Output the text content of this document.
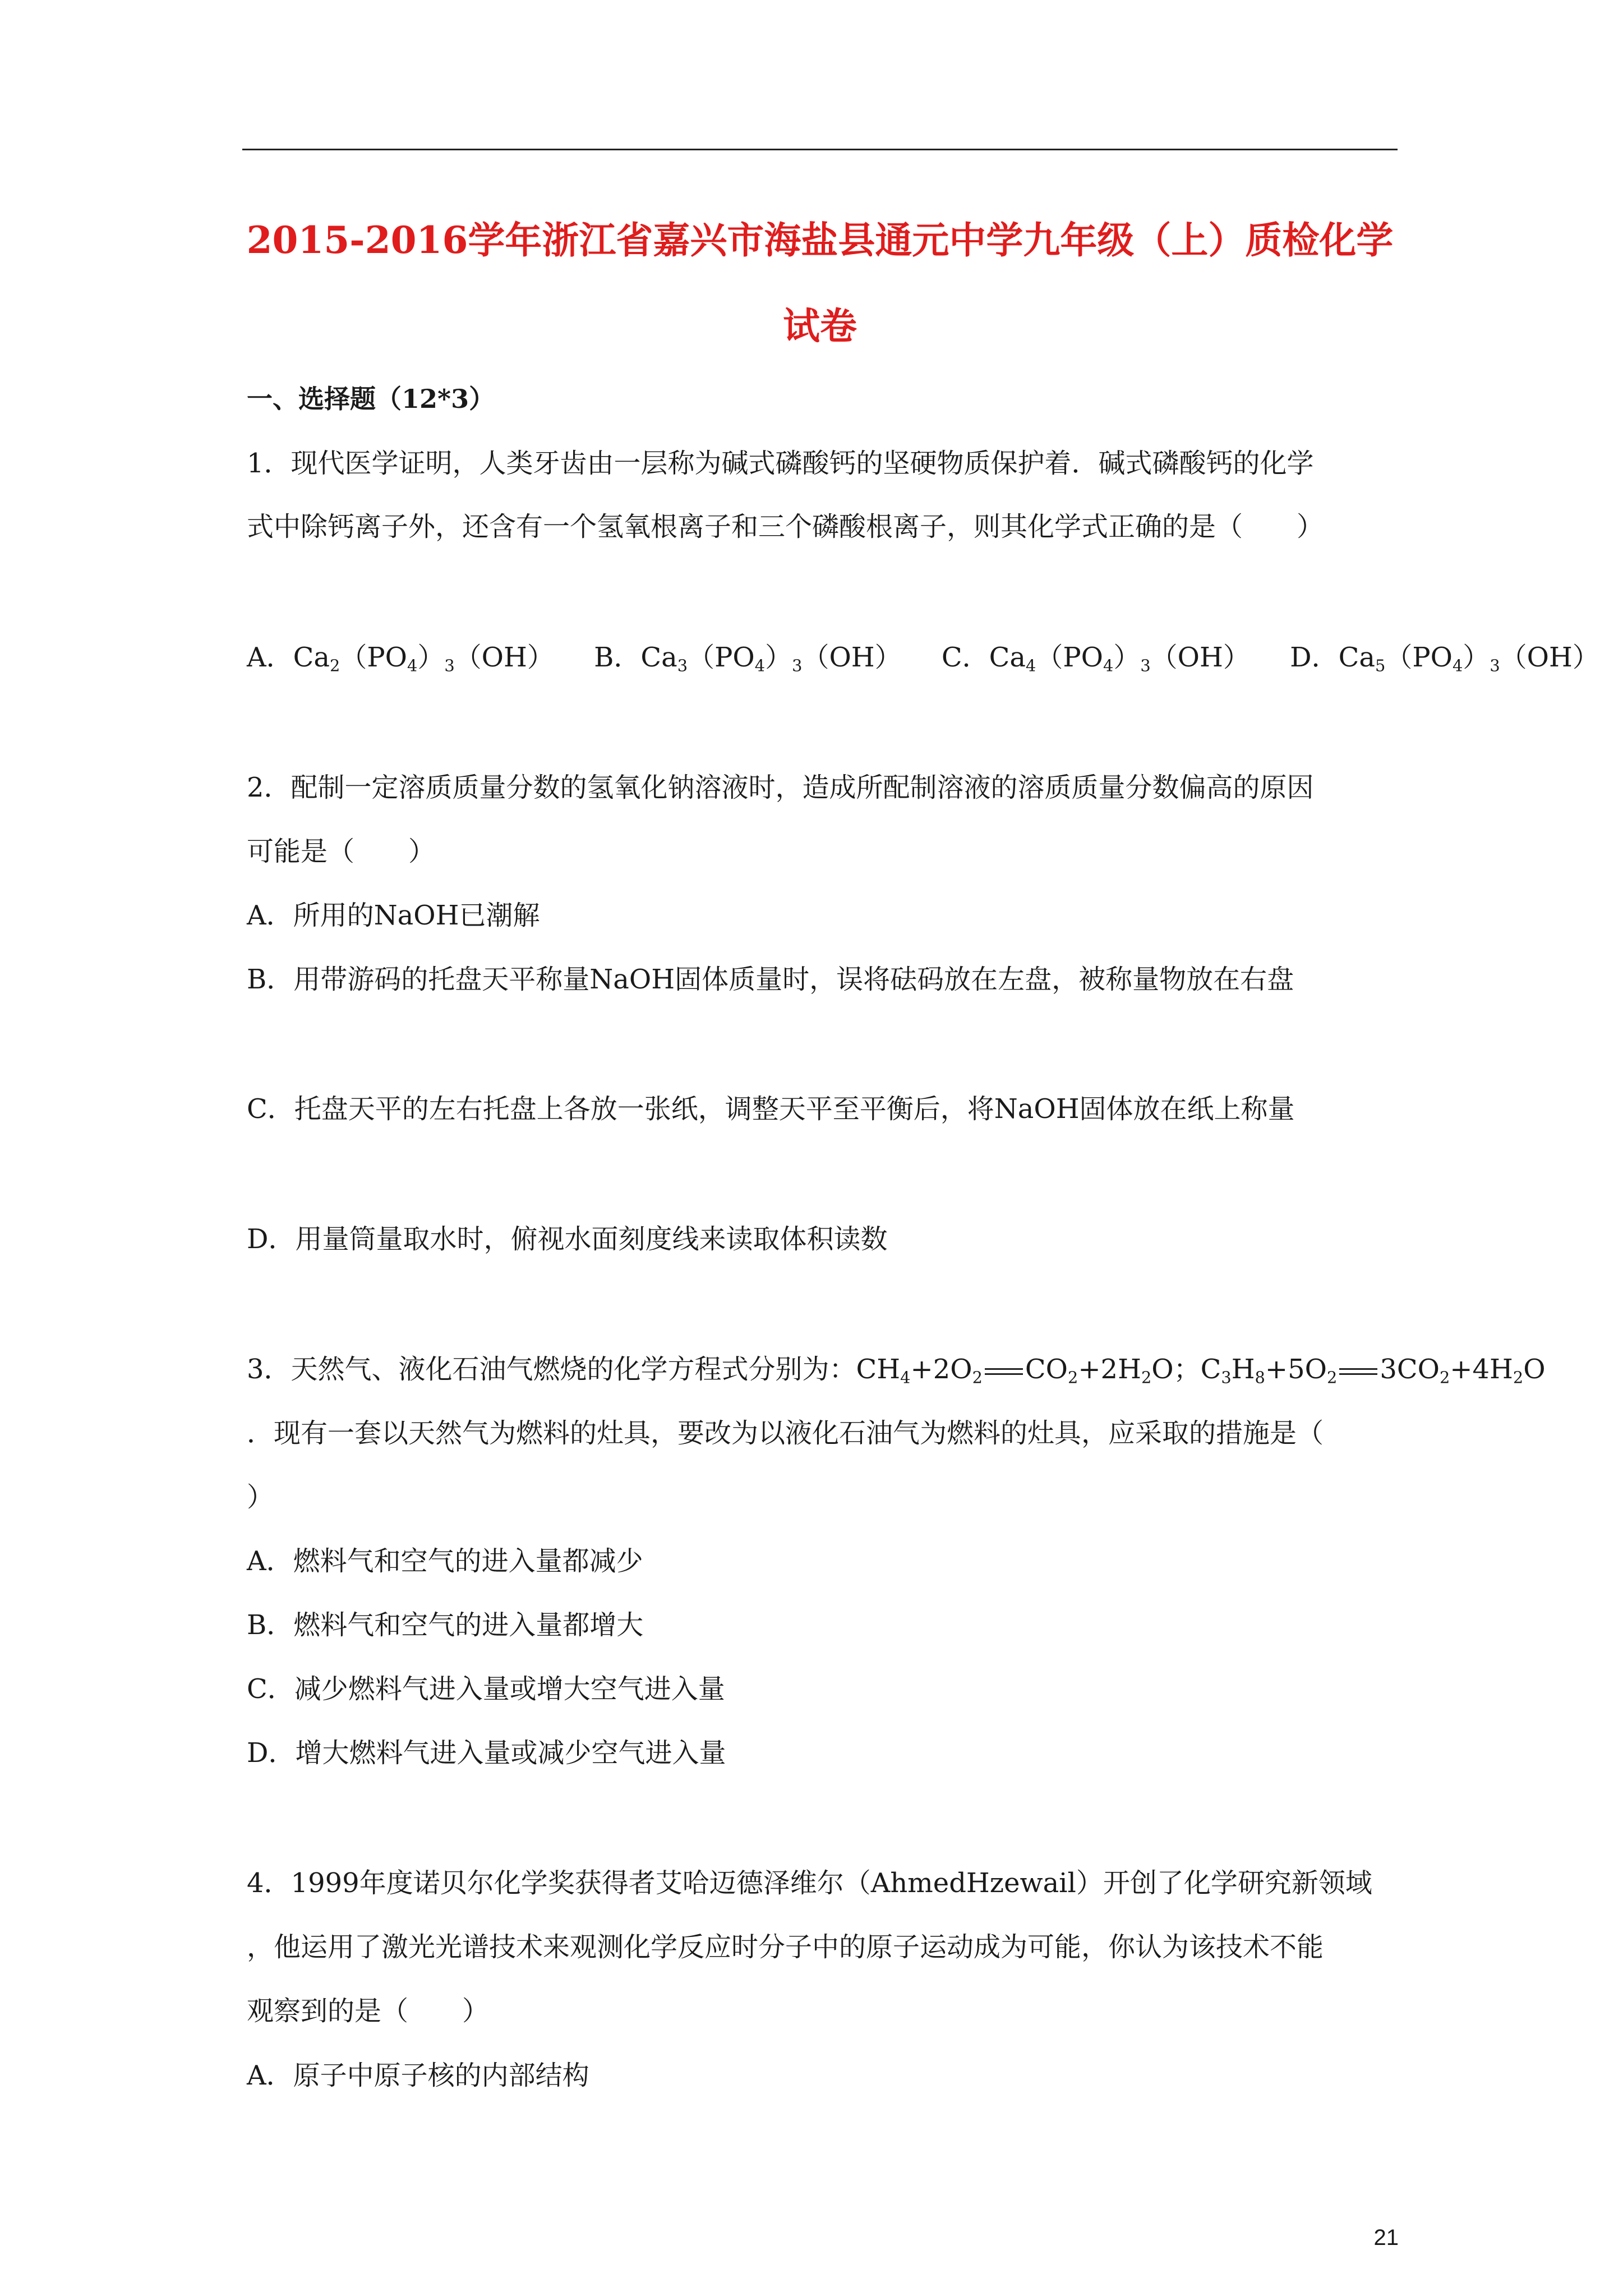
2015-2016学年浙江省嘉兴市海盐县通元中学九年级（上）质检化学
试卷
一、选择题（12*3）
1．现代医学证明，人类牙齿由一层称为碱式磷酸钙的坚硬物质保护着．碱式磷酸钙的化学
式中除钙离子外，还含有一个氢氧根离子和三个磷酸根离子，则其化学式正确的是（　　）
A．$Ca_2(PO_4)_3(OH)$ B．$Ca_3(PO_4)_3(OH)$ C．$Ca_4(PO_4)_3(OH)$ D．$Ca_5(PO_4)_3(OH)$
2．配制一定溶质质量分数的氢氧化钠溶液时，造成所配制溶液的溶质质量分数偏高的原因
可能是（　　）
A．所用的NaOH已潮解
B．用带游码的托盘天平称量NaOH固体质量时，误将砝码放在左盘，被称量物放在右盘
C．托盘天平的左右托盘上各放一张纸，调整天平至平衡后，将NaOH固体放在纸上称量
D．用量筒量取水时，俯视水面刻度线来读取体积读数
3．天然气、液化石油气燃烧的化学方程式分别为：$CH_4+2O_2$ $CO_2+2H_2O$；$C_3H_8+5O_2$ $3CO_2+4H_2O$
．现有一套以天然气为燃料的灶具，要改为以液化石油气为燃料的灶具，应采取的措施是（
）
A．燃料气和空气的进入量都减少
B．燃料气和空气的进入量都增大
C．减少燃料气进入量或增大空气进入量
D．增大燃料气进入量或减少空气进入量
4．1999年度诺贝尔化学奖获得者艾哈迈德泽维尔（AhmedHzewail）开创了化学研究新领域
，他运用了激光光谱技术来观测化学反应时分子中的原子运动成为可能，你认为该技术不能
观察到的是（　　）
A．原子中原子核的内部结构
21
